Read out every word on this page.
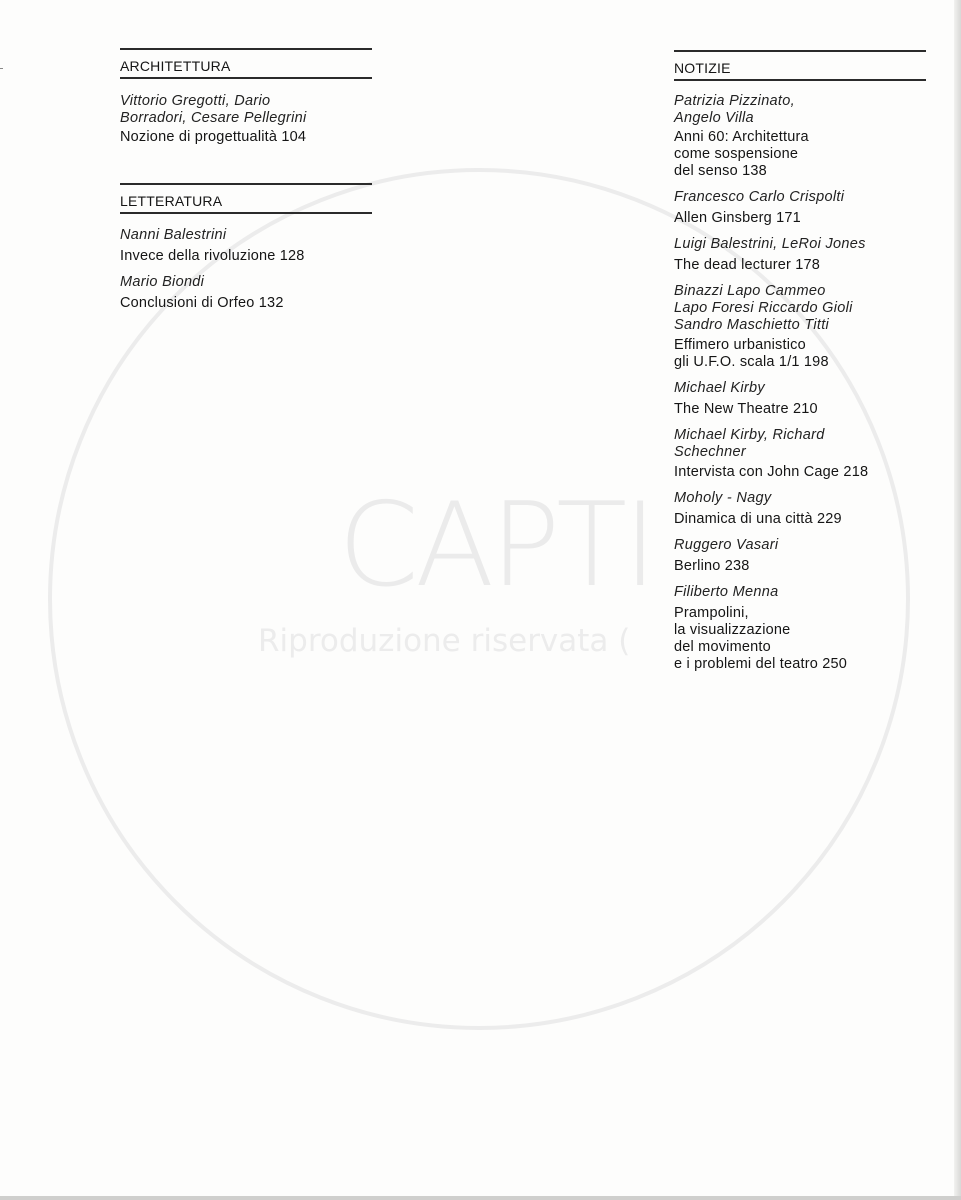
CAPTI
Riproduzione riservata (
ARCHITETTURA
Vittorio Gregotti, Dario
Borradori, Cesare Pellegrini
Nozione di progettualità 104
LETTERATURA
Nanni Balestrini
Invece della rivoluzione 128
Mario Biondi
Conclusioni di Orfeo 132
NOTIZIE
Patrizia Pizzinato,
Angelo Villa
Anni 60: Architettura
come sospensione
del senso 138
Francesco Carlo Crispolti
Allen Ginsberg 171
Luigi Balestrini, LeRoi Jones
The dead lecturer 178
Binazzi Lapo Cammeo
Lapo Foresi Riccardo Gioli
Sandro Maschietto Titti
Effimero urbanistico
gli U.F.O. scala 1/1 198
Michael Kirby
The New Theatre 210
Michael Kirby, Richard
Schechner
Intervista con John Cage 218
Moholy - Nagy
Dinamica di una città 229
Ruggero Vasari
Berlino 238
Filiberto Menna
Prampolini,
la visualizzazione
del movimento
e i problemi del teatro 250
